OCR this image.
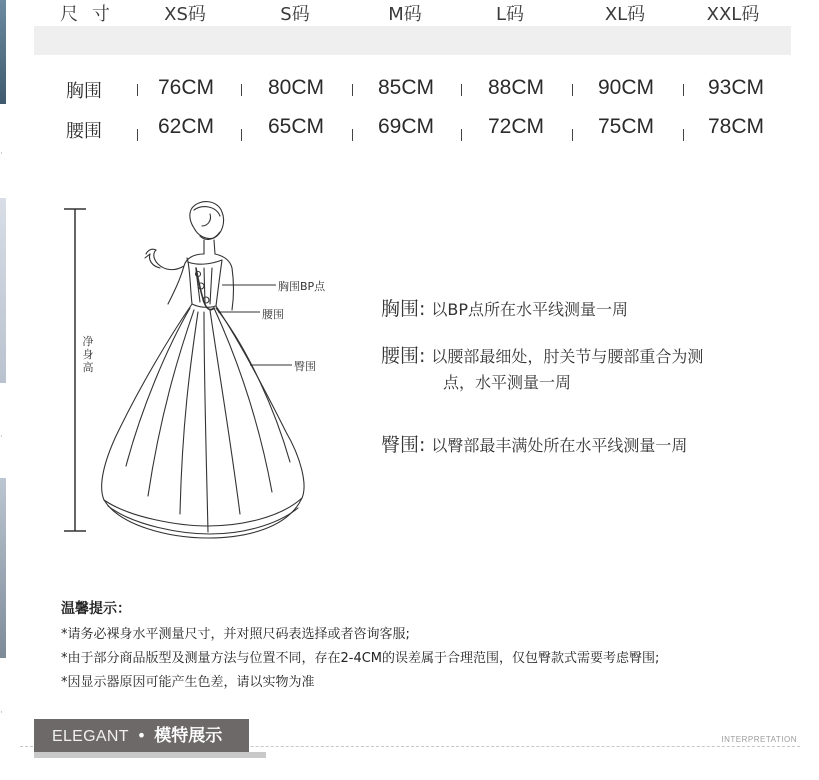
·
·
·
尺 寸	XS码	S码	M码	L码	XL码	XXL码
胸围	76CM	80CM	85CM	88CM	90CM	93CM
腰围	62CM	65CM	69CM	72CM	75CM	78CM
净身高
胸围BP点
腰围
臀围
胸围: 以BP点所在水平线测量一周
腰围: 以腰部最细处，肘关节与腰部重合为测
点，水平测量一周
臀围: 以臀部最丰满处所在水平线测量一周
温馨提示：
*请务必裸身水平测量尺寸，并对照尺码表选择或者咨询客服;
*由于部分商品版型及测量方法与位置不同，存在2-4CM的误差属于合理范围，仅包臀款式需要考虑臀围;
*因显示器原因可能产生色差，请以实物为准
ELEGANT • 模特展示	INTERPRETATION
